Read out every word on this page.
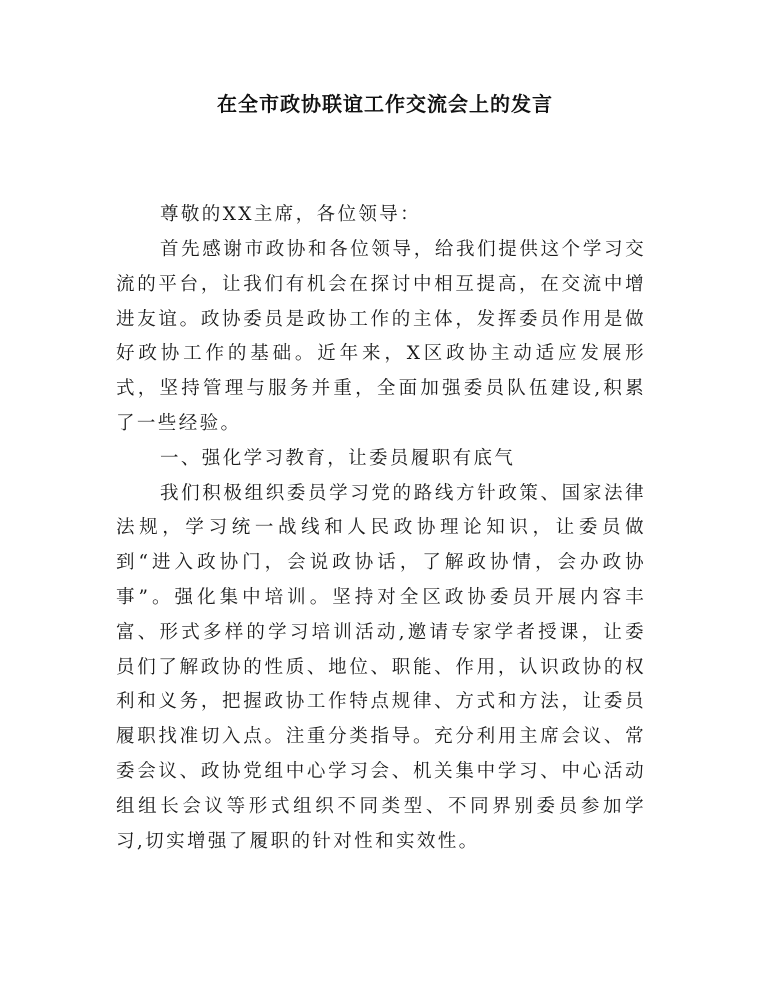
在全市政协联谊工作交流会上的发言
尊敬的XX主席，各位领导：

首先感谢市政协和各位领导，给我们提供这个学习交流的平台，让我们有机会在探讨中相互提高，在交流中增进友谊。政协委员是政协工作的主体，发挥委员作用是做好政协工作的基础。近年来，X区政协主动适应发展形式，坚持管理与服务并重，全面加强委员队伍建设,积累了一些经验。

一、强化学习教育，让委员履职有底气

我们积极组织委员学习党的路线方针政策、国家法律法规，学习统一战线和人民政协理论知识，让委员做到“进入政协门，会说政协话，了解政协情，会办政协事”。强化集中培训。坚持对全区政协委员开展内容丰富、形式多样的学习培训活动,邀请专家学者授课，让委员们了解政协的性质、地位、职能、作用，认识政协的权利和义务，把握政协工作特点规律、方式和方法，让委员履职找准切入点。注重分类指导。充分利用主席会议、常委会议、政协党组中心学习会、机关集中学习、中心活动组组长会议等形式组织不同类型、不同界别委员参加学习,切实增强了履职的针对性和实效性。
